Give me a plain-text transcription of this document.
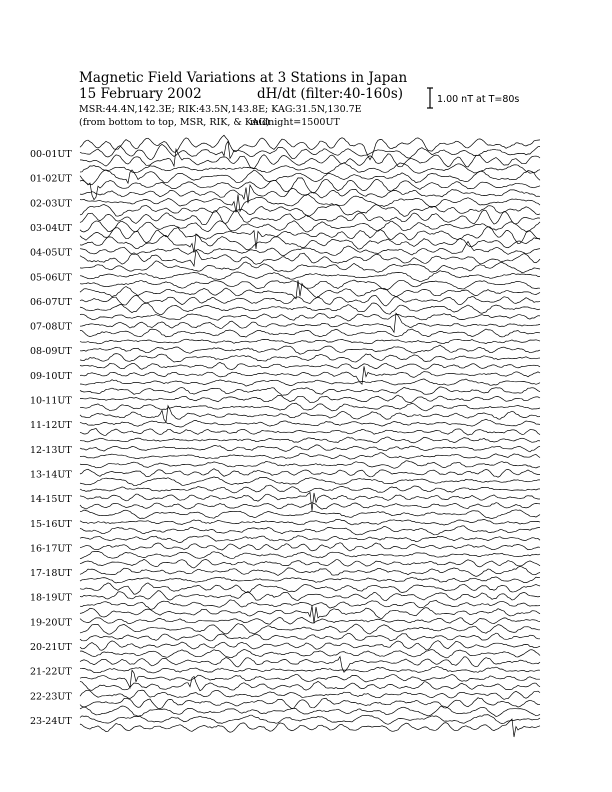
Magnetic Field Variations at 3 Stations in Japan
15 February 2002	dH/dt (filter:40-160s)
MSR:44.4N,142.3E; RIK:43.5N,143.8E; KAG:31.5N,130.7E
(from bottom to top, MSR, RIK, & KAG)
midnight=1500UT
1.00 nT at T=80s
00-01UT
01-02UT
02-03UT
03-04UT
04-05UT
05-06UT
06-07UT
07-08UT
08-09UT
09-10UT
10-11UT
11-12UT
12-13UT
13-14UT
14-15UT
15-16UT
16-17UT
17-18UT
18-19UT
19-20UT
20-21UT
21-22UT
22-23UT
23-24UT
